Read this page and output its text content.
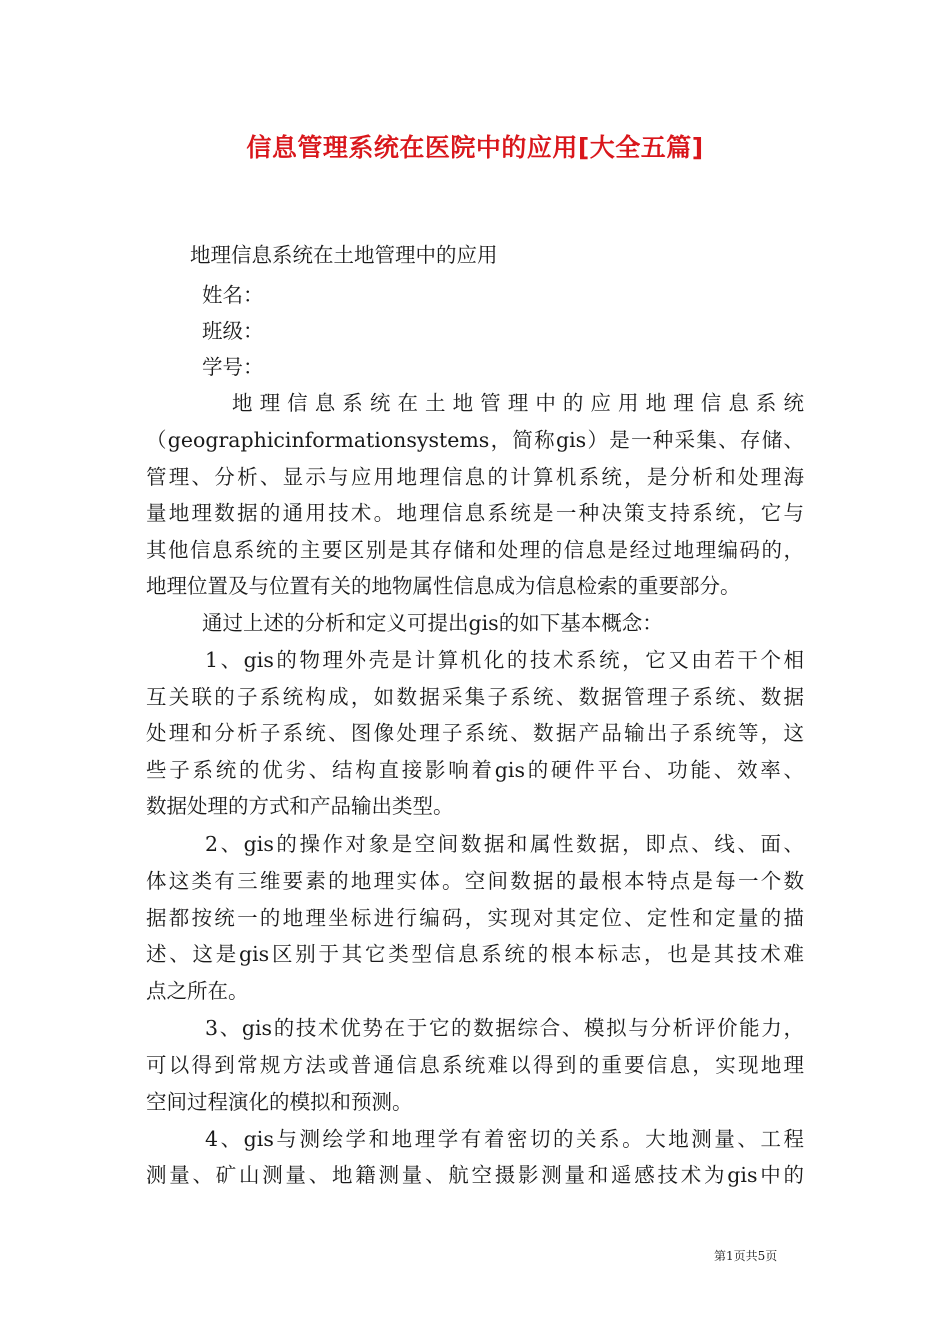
信息管理系统在医院中的应用[大全五篇]
地理信息系统在土地管理中的应用
姓名：
班级：
学号：
地理信息系统在土地管理中的应用地理信息系统
（geographicinformationsystems，简称gis）是一种采集、存储、
管理、分析、显示与应用地理信息的计算机系统，是分析和处理海
量地理数据的通用技术。地理信息系统是一种决策支持系统，它与
其他信息系统的主要区别是其存储和处理的信息是经过地理编码的，
地理位置及与位置有关的地物属性信息成为信息检索的重要部分。
通过上述的分析和定义可提出gis的如下基本概念：
1、gis的物理外壳是计算机化的技术系统，它又由若干个相
互关联的子系统构成，如数据采集子系统、数据管理子系统、数据
处理和分析子系统、图像处理子系统、数据产品输出子系统等，这
些子系统的优劣、结构直接影响着gis的硬件平台、功能、效率、
数据处理的方式和产品输出类型。
2、gis的操作对象是空间数据和属性数据，即点、线、面、
体这类有三维要素的地理实体。空间数据的最根本特点是每一个数
据都按统一的地理坐标进行编码，实现对其定位、定性和定量的描
述、这是gis区别于其它类型信息系统的根本标志，也是其技术难
点之所在。
3、gis的技术优势在于它的数据综合、模拟与分析评价能力，
可以得到常规方法或普通信息系统难以得到的重要信息，实现地理
空间过程演化的模拟和预测。
4、gis与测绘学和地理学有着密切的关系。大地测量、工程
测量、矿山测量、地籍测量、航空摄影测量和遥感技术为gis中的
第1页共5页
